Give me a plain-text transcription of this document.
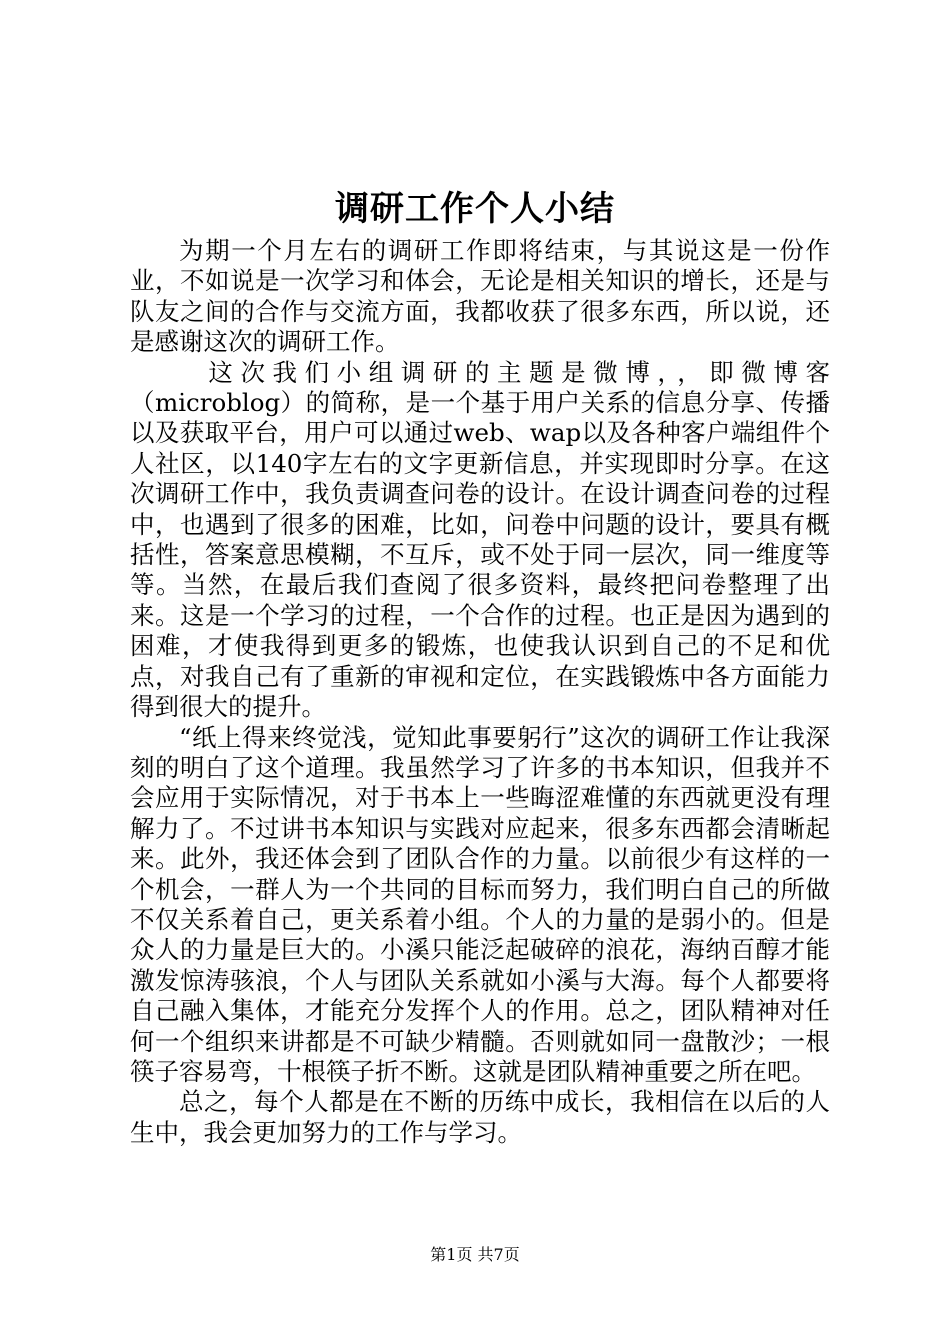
调研工作个人小结

为期一个月左右的调研工作即将结束，与其说这是一份作业，不如说是一次学习和体会，无论是相关知识的增长，还是与队友之间的合作与交流方面，我都收获了很多东西，所以说，还是感谢这次的调研工作。

这次我们小组调研的主题是微博，，即微博客（microblog）的简称，是一个基于用户关系的信息分享、传播以及获取平台，用户可以通过web、wap以及各种客户端组件个人社区，以140字左右的文字更新信息，并实现即时分享。在这次调研工作中，我负责调查问卷的设计。在设计调查问卷的过程中，也遇到了很多的困难，比如，问卷中问题的设计，要具有概括性，答案意思模糊，不互斥，或不处于同一层次，同一维度等等。当然，在最后我们查阅了很多资料，最终把问卷整理了出来。这是一个学习的过程，一个合作的过程。也正是因为遇到的困难，才使我得到更多的锻炼，也使我认识到自己的不足和优点，对我自己有了重新的审视和定位，在实践锻炼中各方面能力得到很大的提升。

“纸上得来终觉浅，觉知此事要躬行”这次的调研工作让我深刻的明白了这个道理。我虽然学习了许多的书本知识，但我并不会应用于实际情况，对于书本上一些晦涩难懂的东西就更没有理解力了。不过讲书本知识与实践对应起来，很多东西都会清晰起来。此外，我还体会到了团队合作的力量。以前很少有这样的一个机会，一群人为一个共同的目标而努力，我们明白自己的所做不仅关系着自己，更关系着小组。个人的力量的是弱小的。但是众人的力量是巨大的。小溪只能泛起破碎的浪花，海纳百醇才能激发惊涛骇浪，个人与团队关系就如小溪与大海。每个人都要将自己融入集体，才能充分发挥个人的作用。总之，团队精神对任何一个组织来讲都是不可缺少精髓。否则就如同一盘散沙；一根筷子容易弯，十根筷子折不断。这就是团队精神重要之所在吧。

总之，每个人都是在不断的历练中成长，我相信在以后的人生中，我会更加努力的工作与学习。

第1页 共7页
